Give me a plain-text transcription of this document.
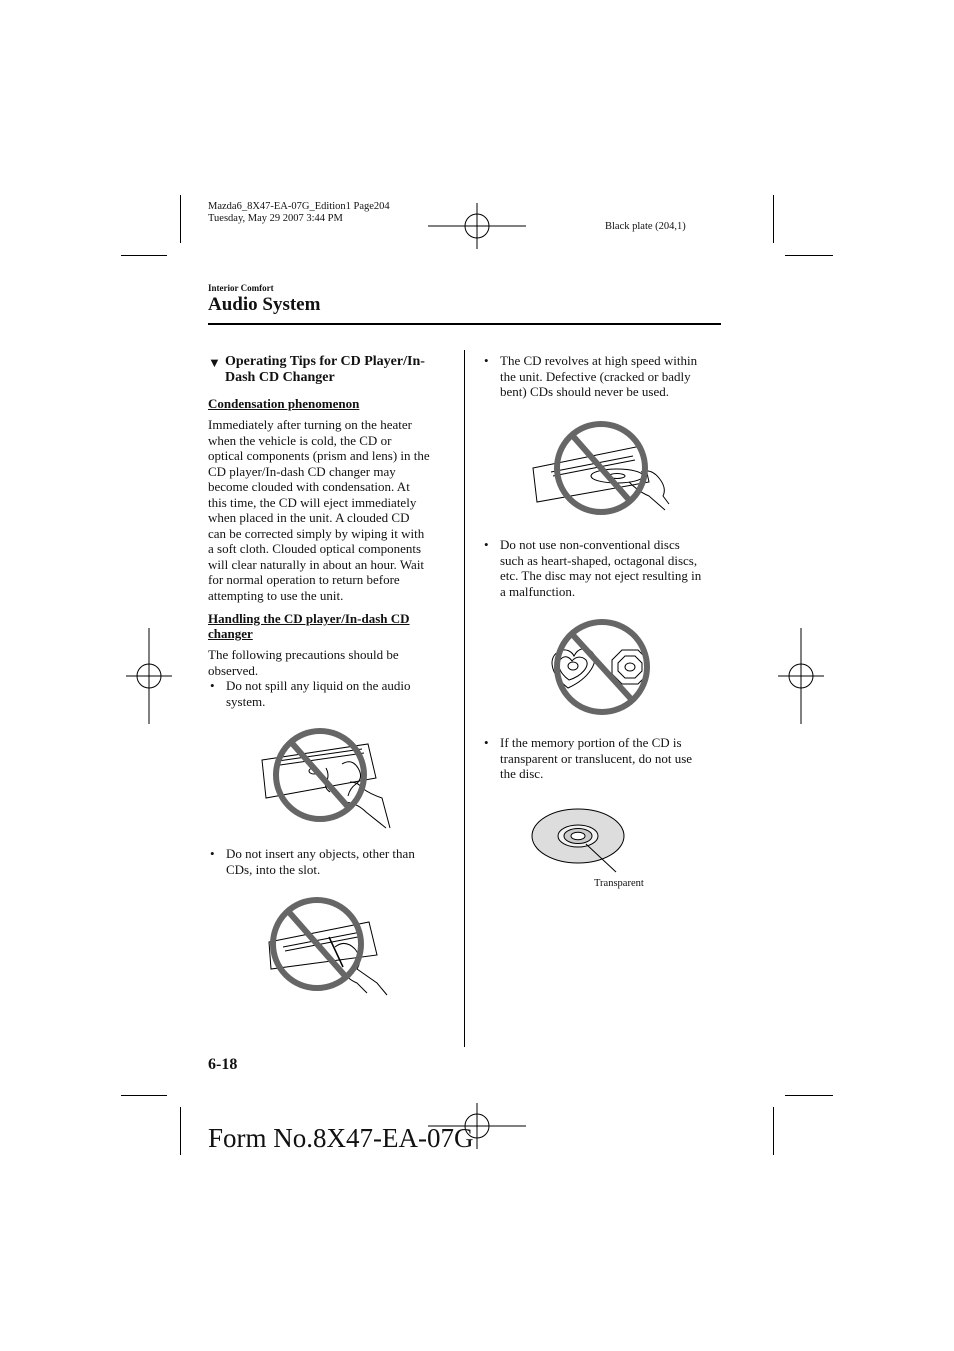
Mazda6_8X47-EA-07G_Edition1 Page204
Tuesday, May 29 2007 3:44 PM
Black plate (204,1)
Interior Comfort
Audio System
▼ Operating Tips for CD Player/In-
Dash CD Changer
Condensation phenomenon
Immediately after turning on the heater
when the vehicle is cold, the CD or
optical components (prism and lens) in the
CD player/In-dash CD changer may
become clouded with condensation. At
this time, the CD will eject immediately
when placed in the unit. A clouded CD
can be corrected simply by wiping it with
a soft cloth. Clouded optical components
will clear naturally in about an hour. Wait
for normal operation to return before
attempting to use the unit.
Handling the CD player/In-dash CD
changer
The following precautions should be
observed.
• Do not spill any liquid on the audio
system.
• Do not insert any objects, other than
CDs, into the slot.
• The CD revolves at high speed within
the unit. Defective (cracked or badly
bent) CDs should never be used.
• Do not use non-conventional discs
such as heart-shaped, octagonal discs,
etc. The disc may not eject resulting in
a malfunction.
• If the memory portion of the CD is
transparent or translucent, do not use
the disc.
Transparent
6-18
Form No.8X47-EA-07G
